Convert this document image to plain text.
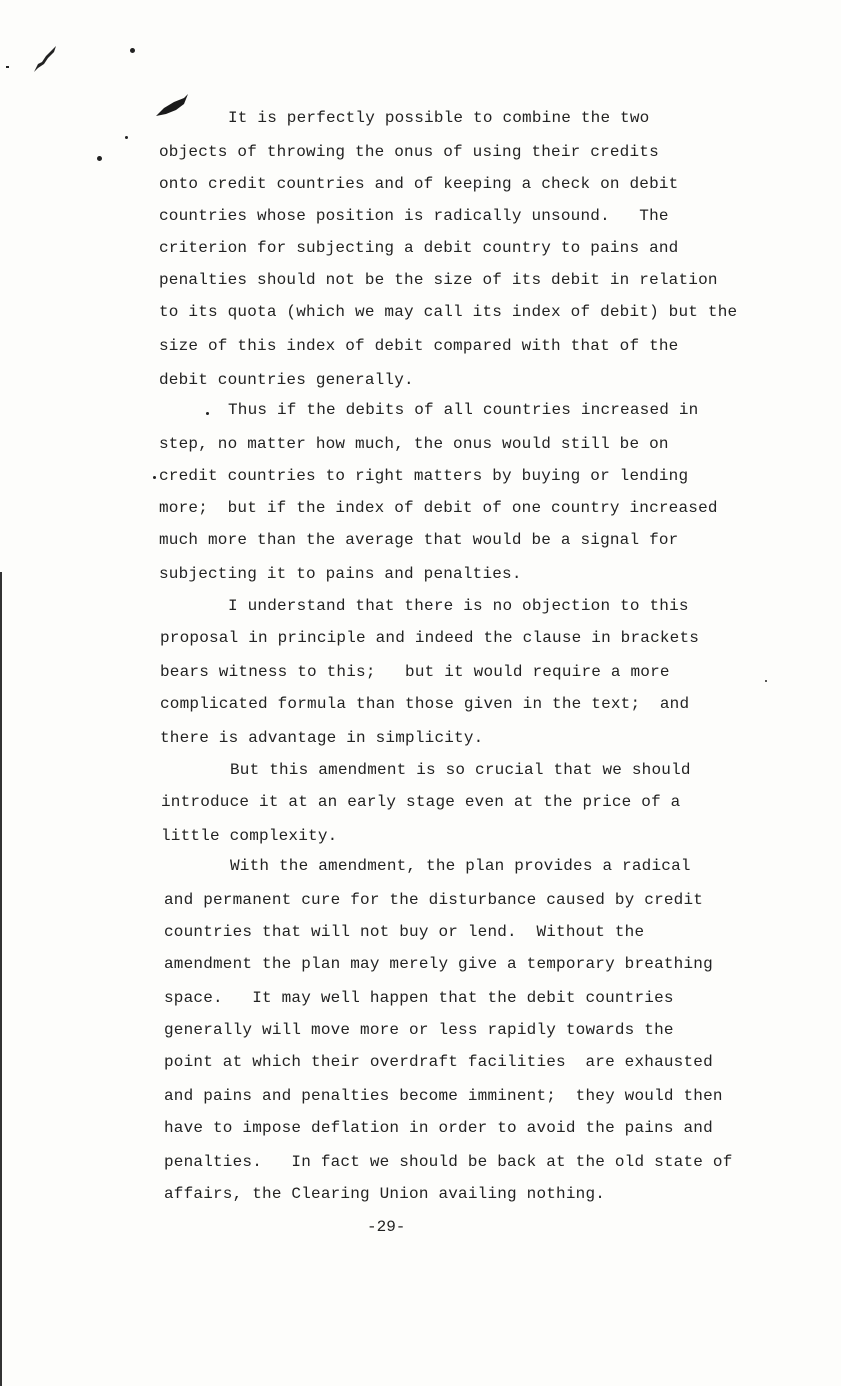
It is perfectly possible to combine the two
objects of throwing the onus of using their credits
onto credit countries and of keeping a check on debit
countries whose position is radically unsound.   The
criterion for subjecting a debit country to pains and
penalties should not be the size of its debit in relation
to its quota (which we may call its index of debit) but the
size of this index of debit compared with that of the
debit countries generally.
Thus if the debits of all countries increased in
step, no matter how much, the onus would still be on
credit countries to right matters by buying or lending
more;  but if the index of debit of one country increased
much more than the average that would be a signal for
subjecting it to pains and penalties.
I understand that there is no objection to this
proposal in principle and indeed the clause in brackets
bears witness to this;   but it would require a more
complicated formula than those given in the text;  and
there is advantage in simplicity.
But this amendment is so crucial that we should
introduce it at an early stage even at the price of a
little complexity.
With the amendment, the plan provides a radical
and permanent cure for the disturbance caused by credit
countries that will not buy or lend.  Without the
amendment the plan may merely give a temporary breathing
space.   It may well happen that the debit countries
generally will move more or less rapidly towards the
point at which their overdraft facilities  are exhausted
and pains and penalties become imminent;  they would then
have to impose deflation in order to avoid the pains and
penalties.   In fact we should be back at the old state of
affairs, the Clearing Union availing nothing.
-29-
